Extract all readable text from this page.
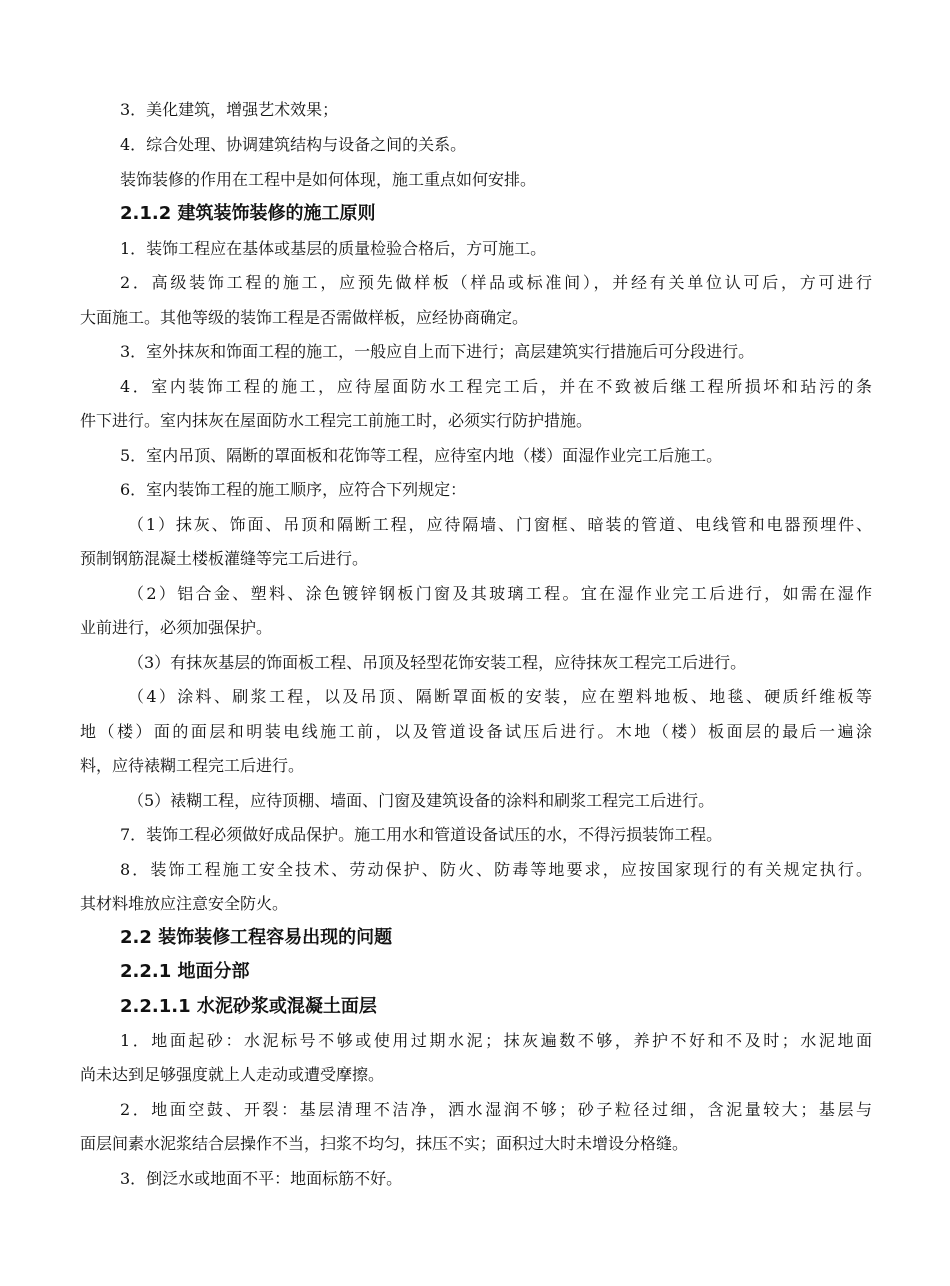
3．美化建筑，增强艺术效果；
4．综合处理、协调建筑结构与设备之间的关系。
装饰装修的作用在工程中是如何体现，施工重点如何安排。
2.1.2 建筑装饰装修的施工原则
1．装饰工程应在基体或基层的质量检验合格后，方可施工。
2．高级装饰工程的施工，应预先做样板（样品或标准间），并经有关单位认可后，方可进行
大面施工。其他等级的装饰工程是否需做样板，应经协商确定。
3．室外抹灰和饰面工程的施工，一般应自上而下进行；高层建筑实行措施后可分段进行。
4．室内装饰工程的施工，应待屋面防水工程完工后，并在不致被后继工程所损坏和玷污的条
件下进行。室内抹灰在屋面防水工程完工前施工时，必须实行防护措施。
5．室内吊顶、隔断的罩面板和花饰等工程，应待室内地（楼）面湿作业完工后施工。
6．室内装饰工程的施工顺序，应符合下列规定：
（1）抹灰、饰面、吊顶和隔断工程，应待隔墙、门窗框、暗装的管道、电线管和电器预埋件、
预制钢筋混凝土楼板灌缝等完工后进行。
（2）铝合金、塑料、涂色镀锌钢板门窗及其玻璃工程。宜在湿作业完工后进行，如需在湿作
业前进行，必须加强保护。
（3）有抹灰基层的饰面板工程、吊顶及轻型花饰安装工程，应待抹灰工程完工后进行。
（4）涂料、刷浆工程，以及吊顶、隔断罩面板的安装，应在塑料地板、地毯、硬质纤维板等
地（楼）面的面层和明装电线施工前，以及管道设备试压后进行。木地（楼）板面层的最后一遍涂
料，应待裱糊工程完工后进行。
（5）裱糊工程，应待顶棚、墙面、门窗及建筑设备的涂料和刷浆工程完工后进行。
7．装饰工程必须做好成品保护。施工用水和管道设备试压的水，不得污损装饰工程。
8．装饰工程施工安全技术、劳动保护、防火、防毒等地要求，应按国家现行的有关规定执行。
其材料堆放应注意安全防火。
2.2 装饰装修工程容易出现的问题
2.2.1 地面分部
2.2.1.1 水泥砂浆或混凝土面层
1．地面起砂：水泥标号不够或使用过期水泥；抹灰遍数不够，养护不好和不及时；水泥地面
尚未达到足够强度就上人走动或遭受摩擦。
2．地面空鼓、开裂：基层清理不洁净，洒水湿润不够；砂子粒径过细，含泥量较大；基层与
面层间素水泥浆结合层操作不当，扫浆不均匀，抹压不实；面积过大时未增设分格缝。
3．倒泛水或地面不平：地面标筋不好。
